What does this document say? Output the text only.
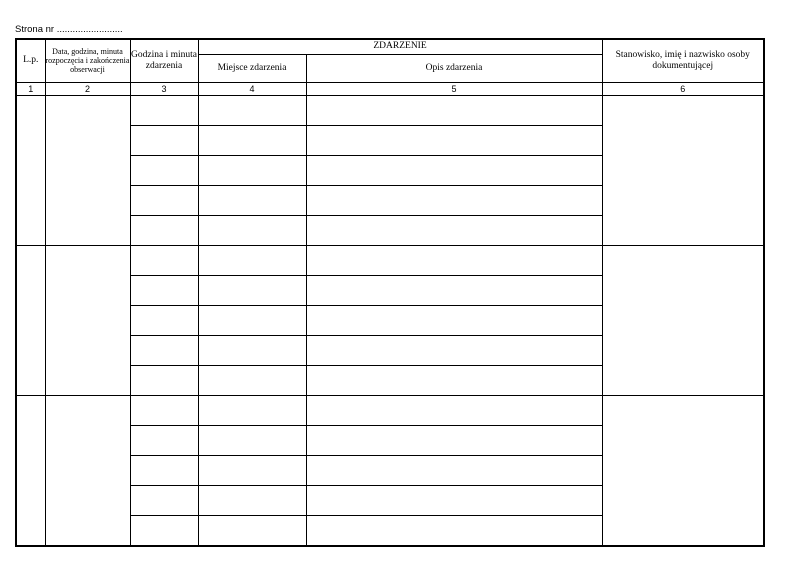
Strona nr .........................
L.p.	Data, godzina, minuta rozpoczęcia i zakończenia obserwacji	Godzina i minuta zdarzenia	ZDARZENIE		Stanowisko, imię i nazwisko osoby dokumentującej
			Miejsce zdarzenia	Opis zdarzenia	
1	2	3	4	5	6
